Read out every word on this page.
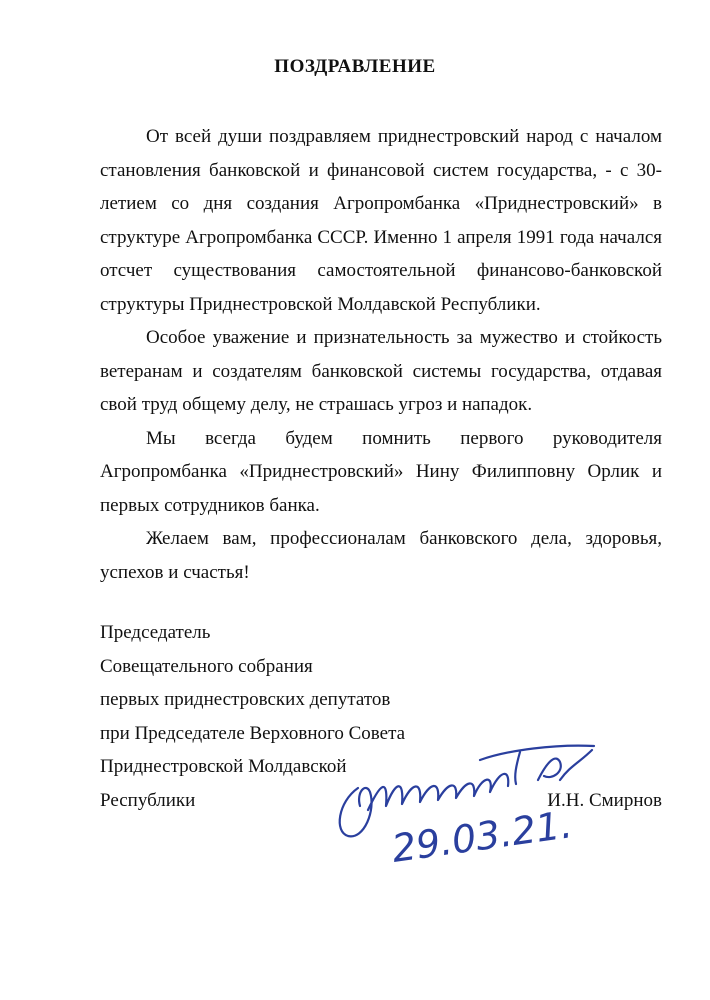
ПОЗДРАВЛЕНИЕ

От всей души поздравляем приднестровский народ с началом становления банковской и финансовой систем государства, - с 30-летием со дня создания Агропромбанка «Приднестровский» в структуре Агропромбанка СССР. Именно 1 апреля 1991 года начался отсчет существования самостоятельной финансово-банковской структуры Приднестровской Молдавской Республики.

Особое уважение и признательность за мужество и стойкость ветеранам и создателям банковской системы государства, отдавая свой труд общему делу, не страшась угроз и нападок.

Мы всегда будем помнить первого руководителя Агропромбанка «Приднестровский» Нину Филипповну Орлик и первых сотрудников банка.

Желаем вам, профессионалам банковского дела, здоровья, успехов и счастья!

Председатель
Совещательного собрания
первых приднестровских депутатов
при Председателе Верховного Совета
Приднестровской Молдавской
Республики	И.Н. Смирнов
29.03.21.
